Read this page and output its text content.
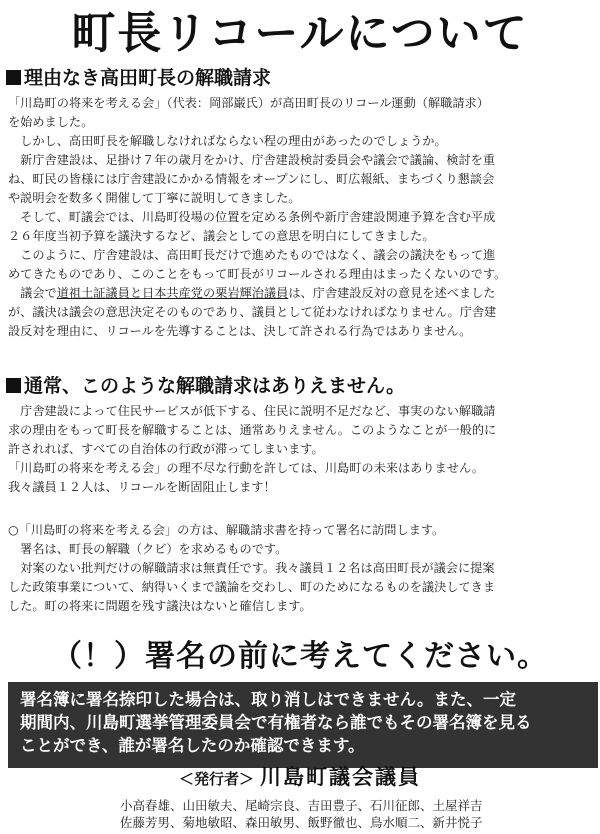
町長リコールについて
理由なき高田町長の解職請求

「川島町の将来を考える会」（代表：岡部巌氏）が高田町長のリコール運動（解職請求）

を始めました。

　しかし、高田町長を解職しなければならない程の理由があったのでしょうか。

　新庁舎建設は、足掛け７年の歳月をかけ、庁舎建設検討委員会や議会で議論、検討を重

ね、町民の皆様には庁舎建設にかかる情報をオープンにし、町広報紙、まちづくり懇談会

や説明会を数多く開催して丁寧に説明してきました。

　そして、町議会では、川島町役場の位置を定める条例や新庁舎建設関連予算を含む平成

２６年度当初予算を議決するなど、議会としての意思を明白にしてきました。

　このように、庁舎建設は、高田町長だけで進めたものではなく、議会の議決をもって進

めてきたものであり、このことをもって町長がリコールされる理由はまったくないのです。

　議会で道祖土証議員と日本共産党の栗岩輝治議員は、庁舎建設反対の意見を述べました

が、議決は議会の意思決定そのものであり、議員として従わなければなりません。庁舎建

設反対を理由に、リコールを先導することは、決して許される行為ではありません。

通常、このような解職請求はありえません。

　庁舎建設によって住民サービスが低下する、住民に説明不足だなど、事実のない解職請

求の理由をもって町長を解職することは、通常ありえません。このようなことが一般的に

許されれば、すべての自治体の行政が滞ってしまいます。

「川島町の将来を考える会」の理不尽な行動を許しては、川島町の未来はありません。

我々議員１２人は、リコールを断固阻止します！

○「川島町の将来を考える会」の方は、解職請求書を持って署名に訪問します。

　署名は、町長の解職（クビ）を求めるものです。

　対案のない批判だけの解職請求は無責任です。我々議員１２名は高田町長が議会に提案

した政策事業について、納得いくまで議論を交わし、町のためになるものを議決してきま

した。町の将来に問題を残す議決はないと確信します。

（！）署名の前に考えてください。

署名簿に署名捺印した場合は、取り消しはできません。また、一定

期間内、川島町選挙管理委員会で有権者なら誰でもその署名簿を見る

ことができ、誰が署名したのか確認できます。

＜発行者＞ 川島町議会議員
小高春雄、山田敏夫、尾崎宗良、吉田豊子、石川征郎、土屋祥吉
佐藤芳男、菊地敏昭、森田敏男、飯野徹也、鳥水順二、新井悦子
